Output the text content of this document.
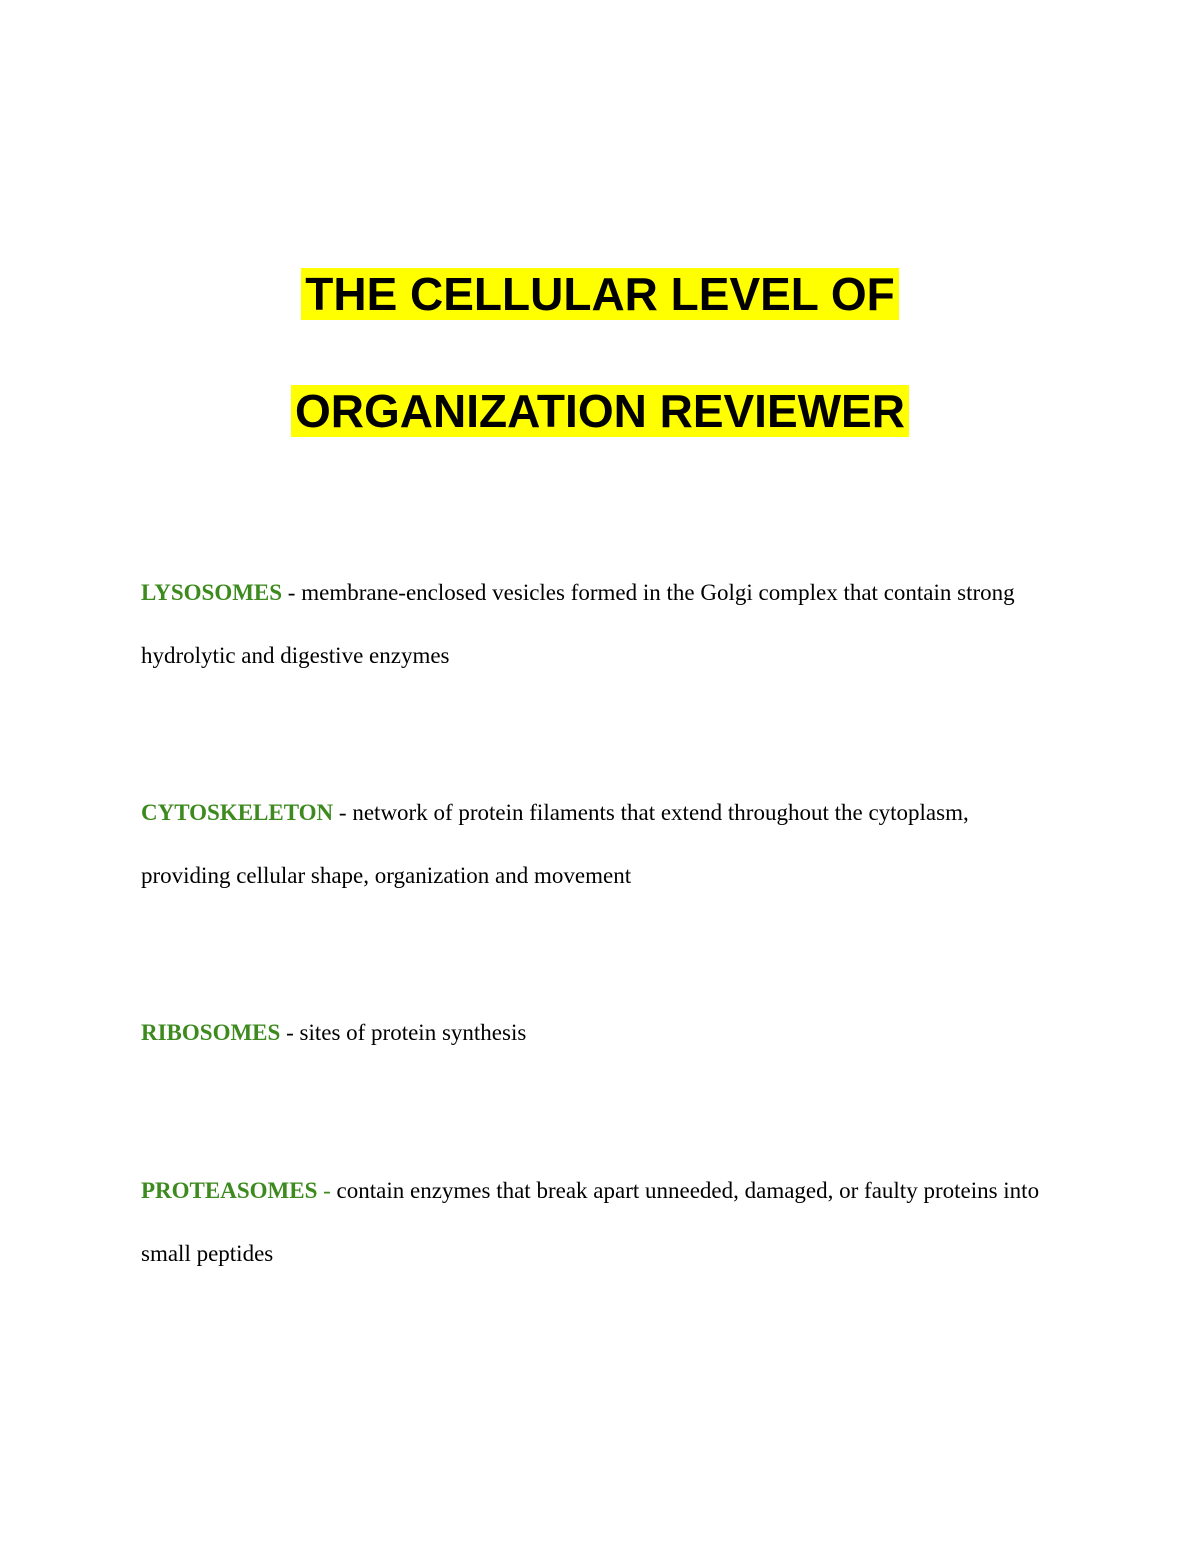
THE CELLULAR LEVEL OF
ORGANIZATION REVIEWER
LYSOSOMES - membrane-enclosed vesicles formed in the Golgi complex that contain strong hydrolytic and digestive enzymes
CYTOSKELETON - network of protein filaments that extend throughout the cytoplasm, providing cellular shape, organization and movement
RIBOSOMES - sites of protein synthesis
PROTEASOMES - contain enzymes that break apart unneeded, damaged, or faulty proteins into small peptides
